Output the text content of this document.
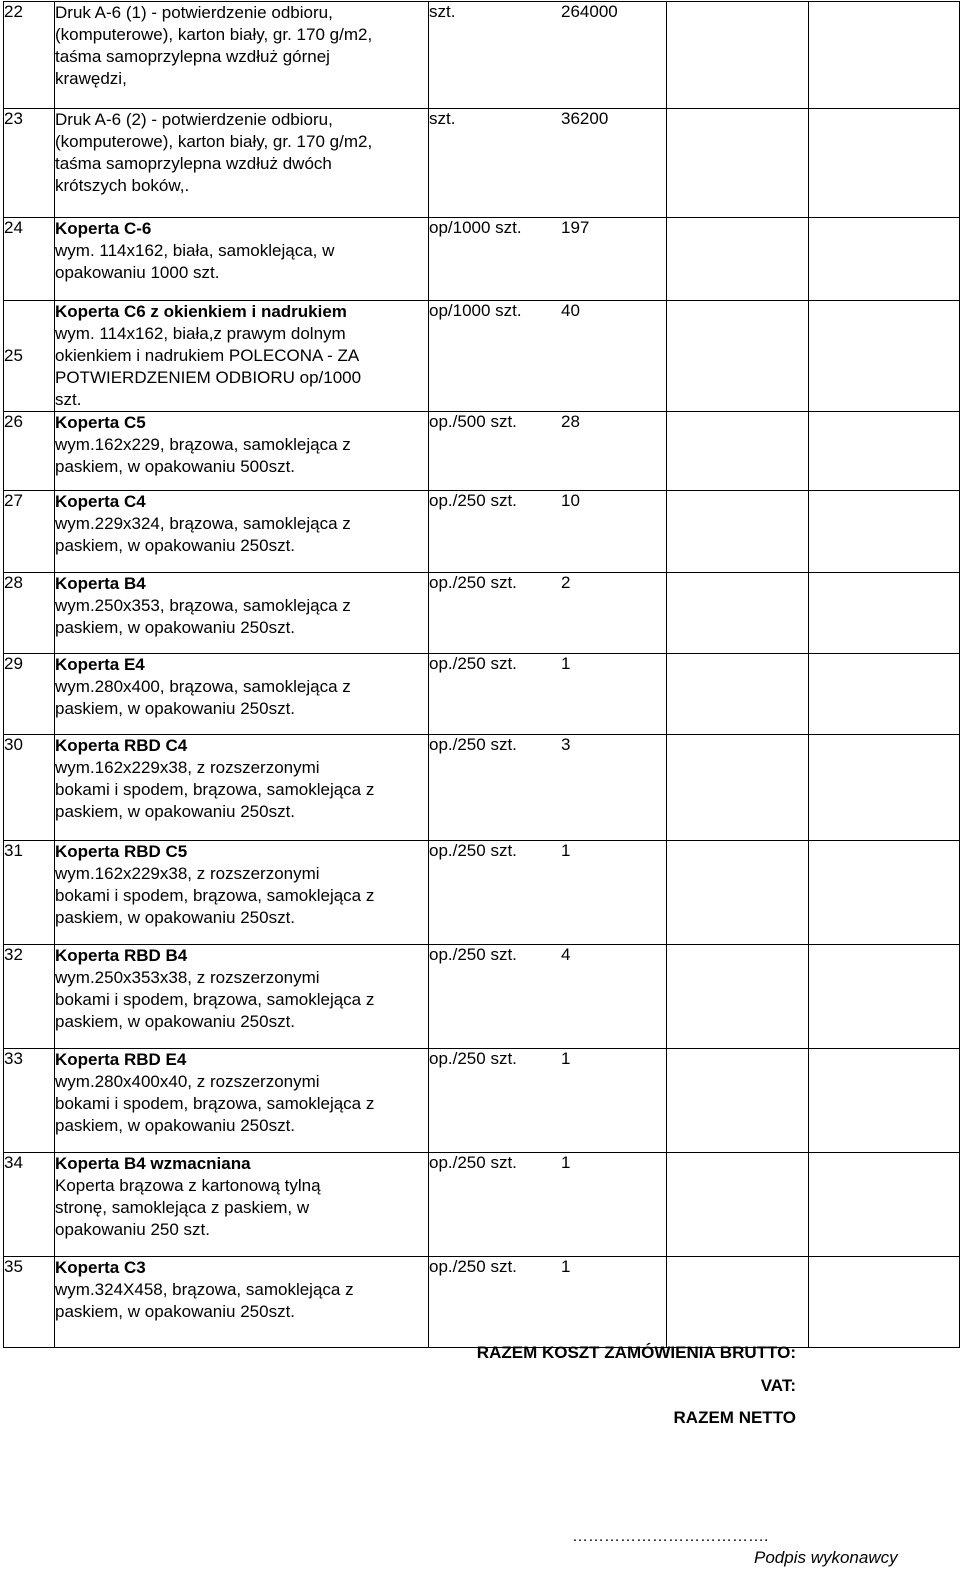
22	Druk A-6 (1) - potwierdzenie odbioru,
(komputerowe), karton biały, gr. 170 g/m2,
taśma samoprzylepna wzdłuż górnej
krawędzi,	szt. 264000		

23	Druk A-6 (2) - potwierdzenie odbioru,
(komputerowe), karton biały, gr. 170 g/m2,
taśma samoprzylepna wzdłuż dwóch
krótszych boków,.	szt. 36200		

24	Koperta C-6
wym. 114x162, biała, samoklejąca, w
opakowaniu 1000 szt.	op/1000 szt. 197		

25	Koperta C6 z okienkiem i nadrukiem
wym. 114x162, biała,z prawym dolnym
okienkiem i nadrukiem POLECONA - ZA
POTWIERDZENIEM ODBIORU op/1000
szt.	op/1000 szt. 40		

26	Koperta C5
wym.162x229, brązowa, samoklejąca z
paskiem, w opakowaniu 500szt.	op./500 szt. 28		

27	Koperta C4
wym.229x324, brązowa, samoklejąca z
paskiem, w opakowaniu 250szt.	op./250 szt. 10		

28	Koperta B4
wym.250x353, brązowa, samoklejąca z
paskiem, w opakowaniu 250szt.	op./250 szt. 2		

29	Koperta E4
wym.280x400, brązowa, samoklejąca z
paskiem, w opakowaniu 250szt.	op./250 szt. 1		

30	Koperta RBD C4
wym.162x229x38, z rozszerzonymi
bokami i spodem, brązowa, samoklejąca z
paskiem, w opakowaniu 250szt.	op./250 szt. 3		

31	Koperta RBD C5
wym.162x229x38, z rozszerzonymi
bokami i spodem, brązowa, samoklejąca z
paskiem, w opakowaniu 250szt.	op./250 szt. 1		

32	Koperta RBD B4
wym.250x353x38, z rozszerzonymi
bokami i spodem, brązowa, samoklejąca z
paskiem, w opakowaniu 250szt.	op./250 szt. 4		

33	Koperta RBD E4
wym.280x400x40, z rozszerzonymi
bokami i spodem, brązowa, samoklejąca z
paskiem, w opakowaniu 250szt.	op./250 szt. 1		

34	Koperta B4 wzmacniana
Koperta brązowa z kartonową tylną
stronę, samoklejąca z paskiem, w
opakowaniu 250 szt.	op./250 szt. 1		

35	Koperta C3
wym.324X458, brązowa, samoklejąca z
paskiem, w opakowaniu 250szt.	op./250 szt. 1		
RAZEM KOSZT ZAMÓWIENIA BRUTTO:
VAT:
RAZEM NETTO
……………………………….
Podpis wykonawcy
